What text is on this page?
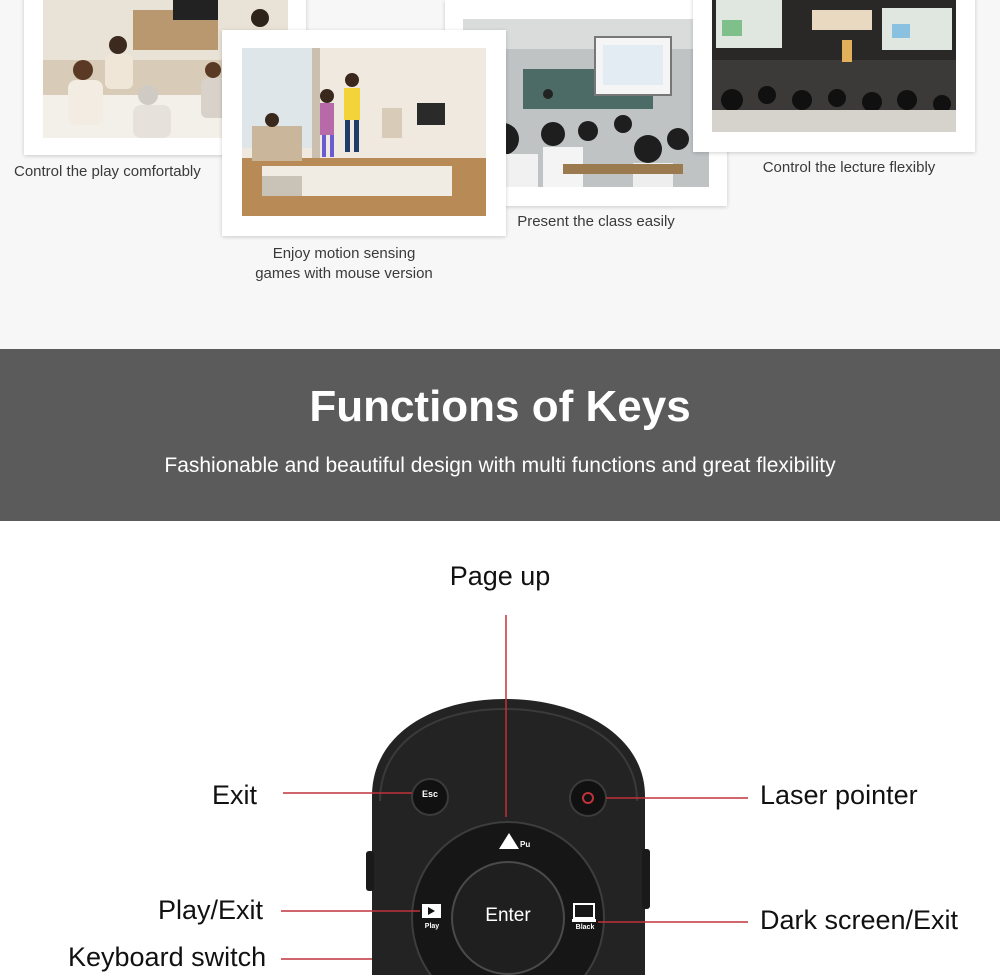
Control the play comfortably
Present the class easily
Control the lecture flexibly
Enjoy motion sensing
games with mouse version
Functions of Keys
Fashionable and beautiful design with multi functions and great flexibility
Esc
Pu
Enter
Play	Black
Page up
Exit	Laser pointer
Play/Exit	Dark screen/Exit
Keyboard switch
